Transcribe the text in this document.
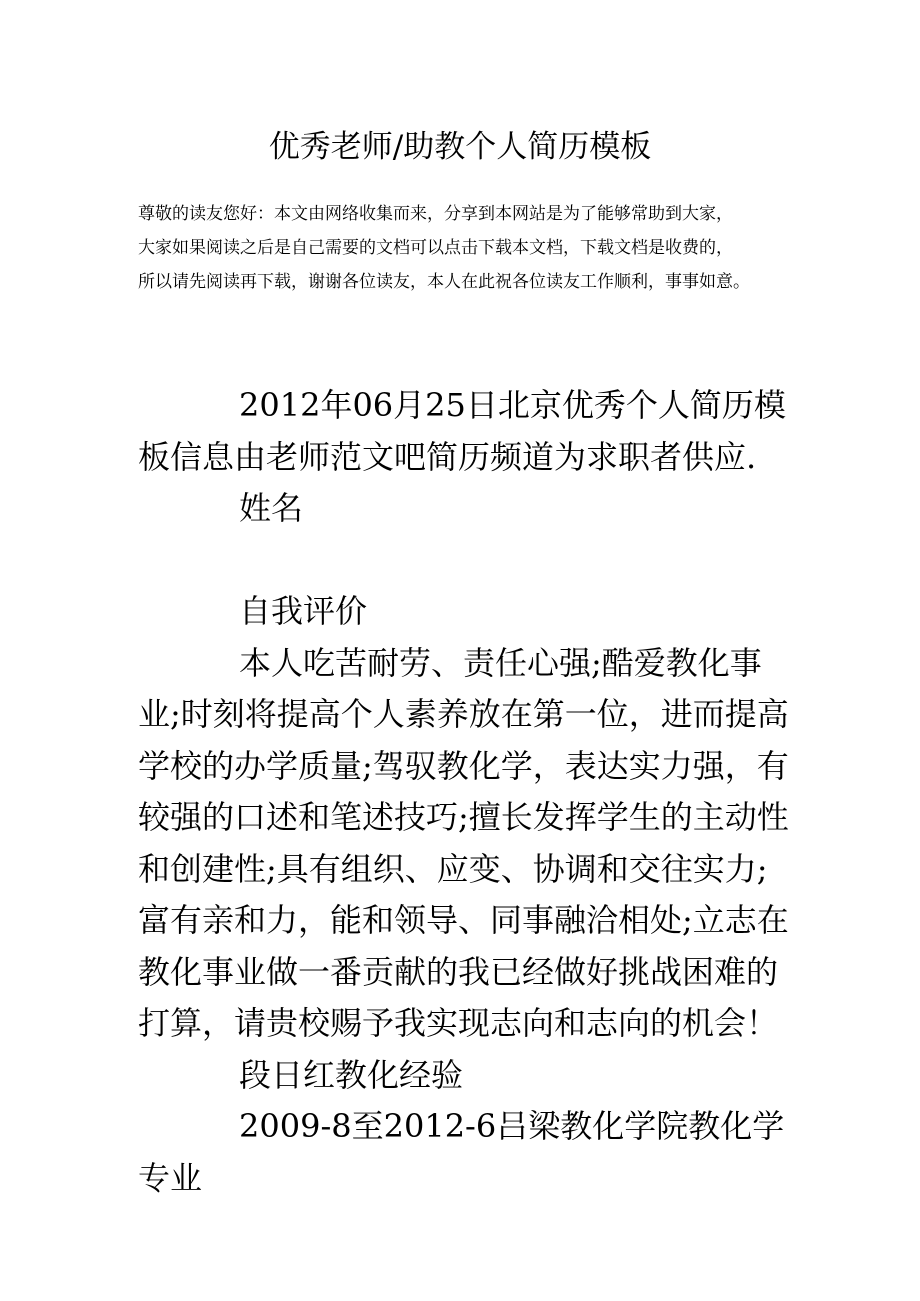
优秀老师/助教个人简历模板

尊敬的读友您好：本文由网络收集而来，分享到本网站是为了能够常助到大家，

大家如果阅读之后是自己需要的文档可以点击下载本文档，下载文档是收费的，

所以请先阅读再下载，谢谢各位读友，本人在此祝各位读友工作顺利，事事如意。

2012年06月25日北京优秀个人简历模板信息由老师范文吧简历频道为求职者供应.

姓名

自我评价

本人吃苦耐劳、责任心强;酷爱教化事业;时刻将提高个人素养放在第一位，进而提高学校的办学质量;驾驭教化学，表达实力强，有较强的口述和笔述技巧;擅长发挥学生的主动性和创建性;具有组织、应变、协调和交往实力;富有亲和力，能和领导、同事融洽相处;立志在教化事业做一番贡献的我已经做好挑战困难的打算，请贵校赐予我实现志向和志向的机会！

段日红教化经验

2009-8至2012-6吕梁教化学院教化学专业
